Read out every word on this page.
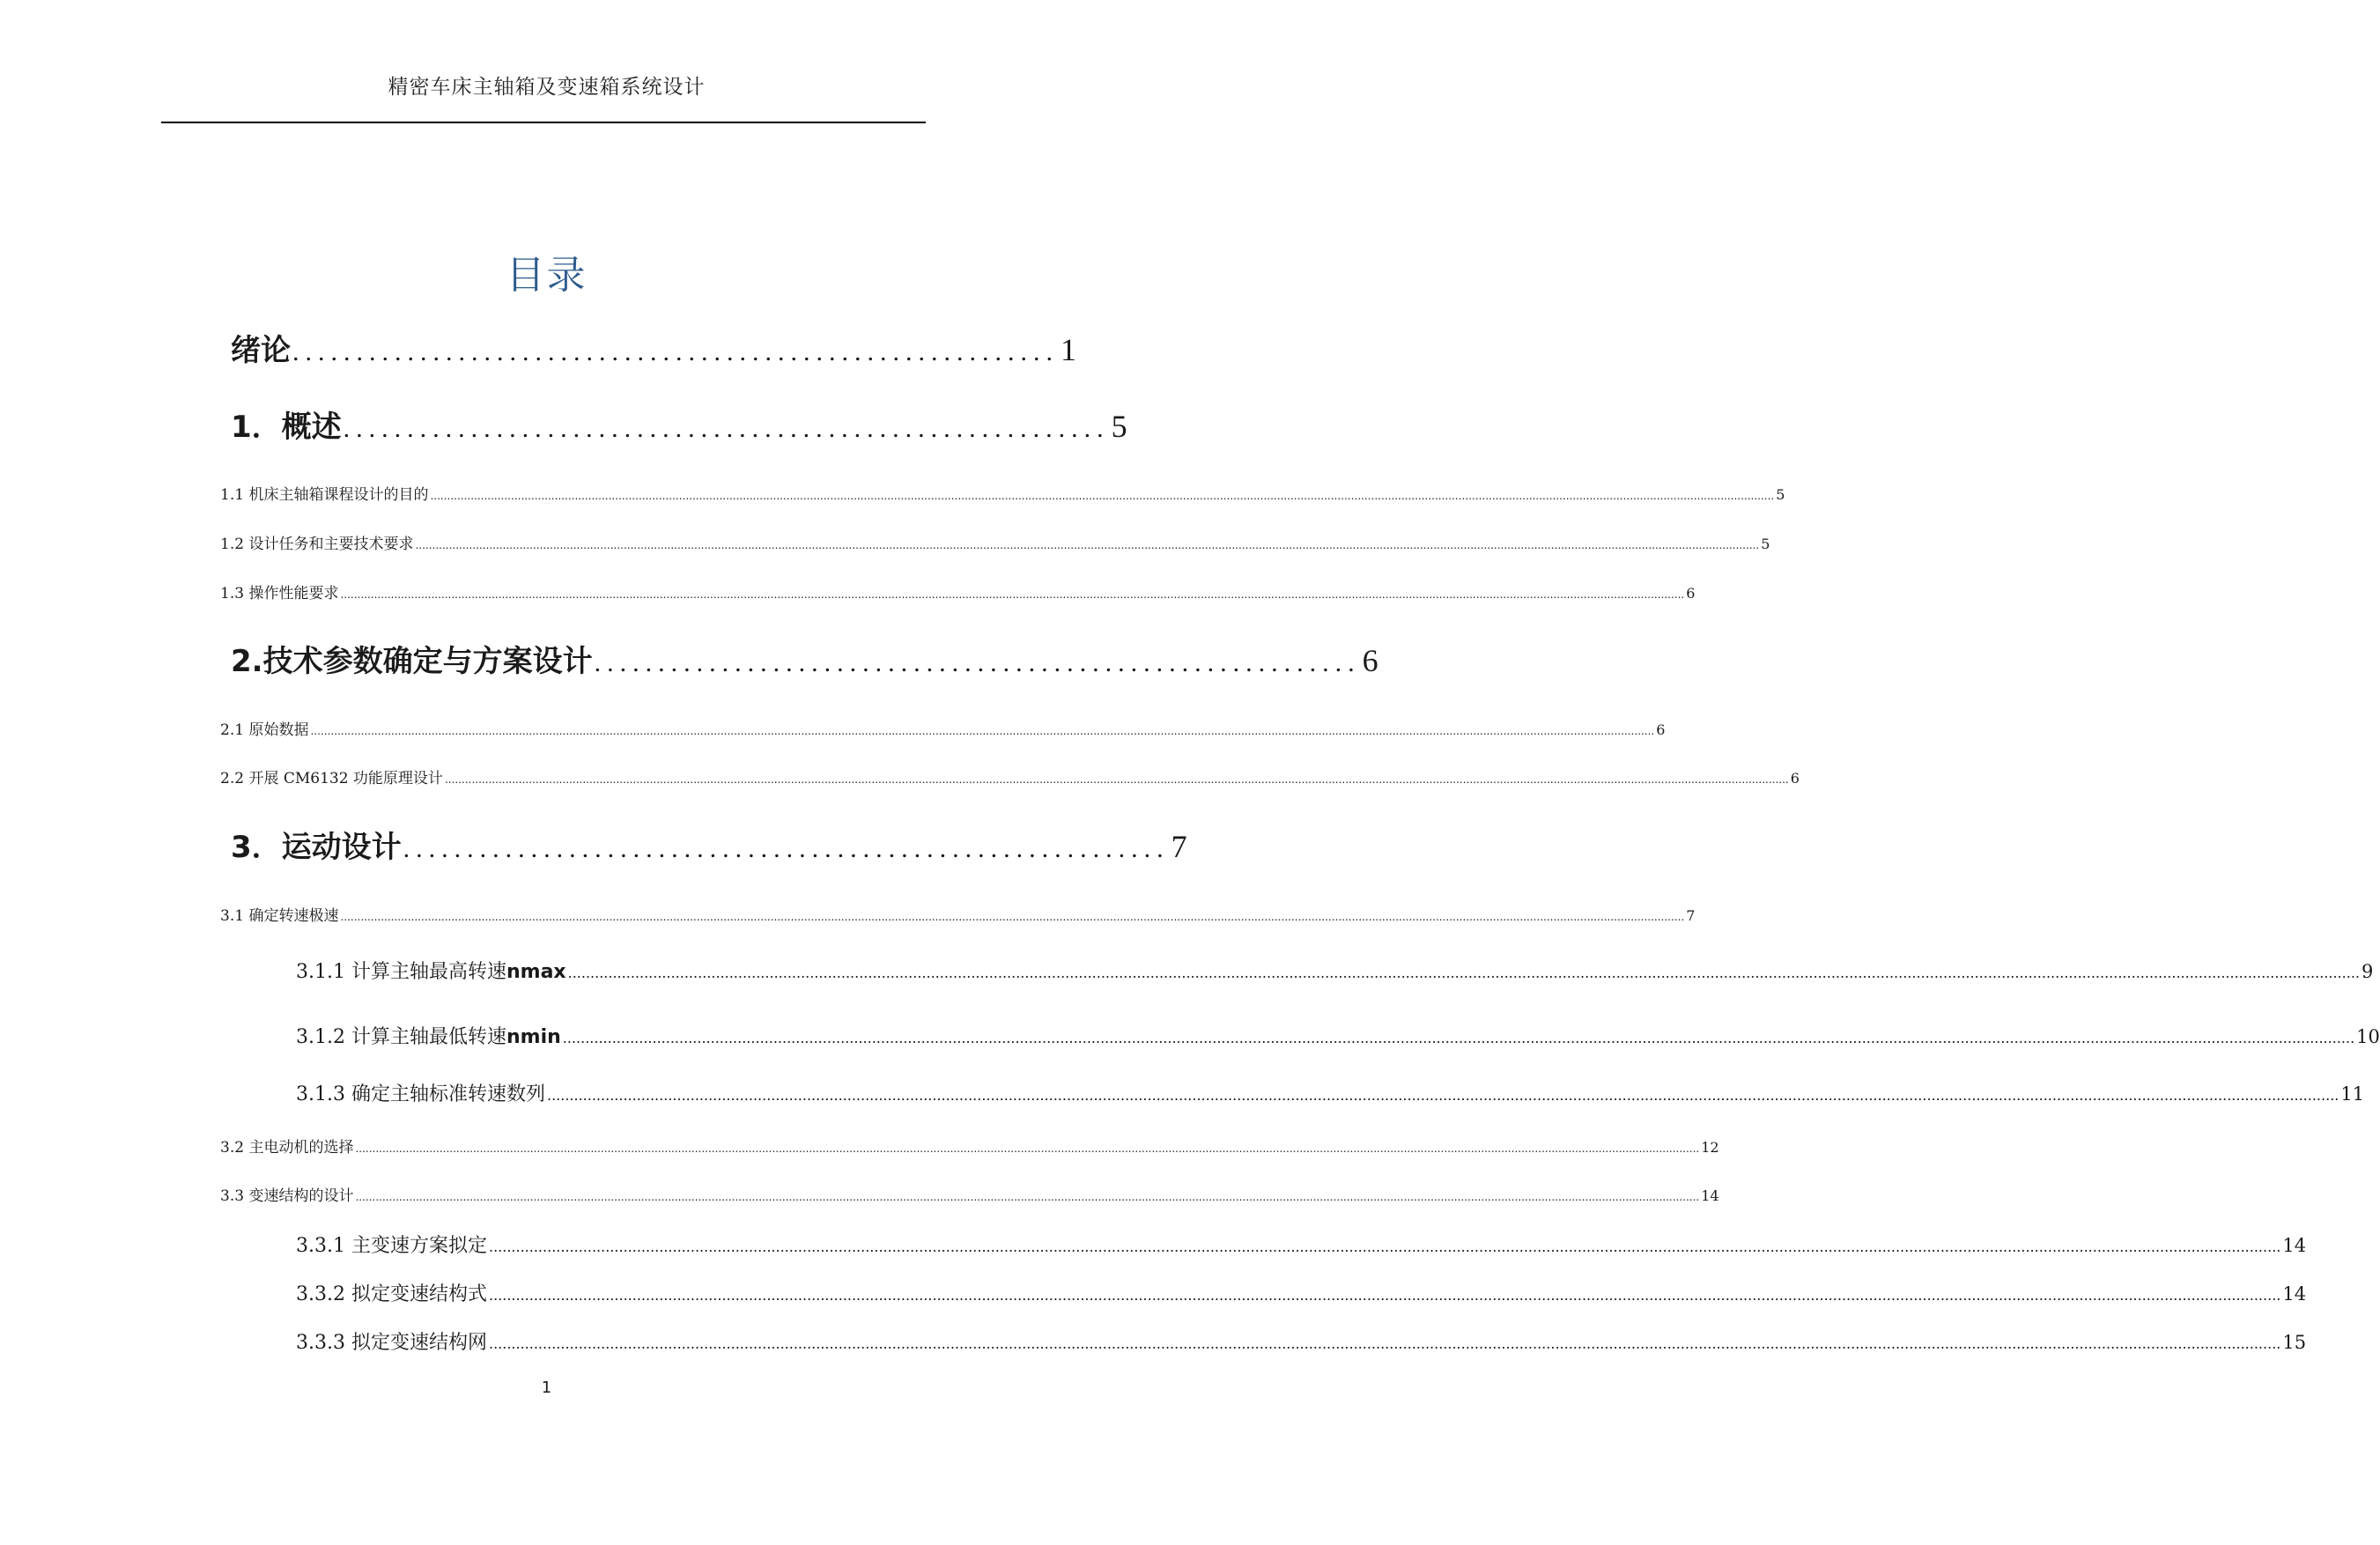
精密车床主轴箱及变速箱系统设计
目录
绪论 ............................................................ 1
1．概述 ............................................................ 5
1.1 机床主轴箱课程设计的目的 ................................................................................................................................................................................................................................................................................................................................................................................................................ 5
1.2 设计任务和主要技术要求 ................................................................................................................................................................................................................................................................................................................................................................................................................ 5
1.3 操作性能要求 ................................................................................................................................................................................................................................................................................................................................................................................................................ 6
2.技术参数确定与方案设计 ............................................................ 6
2.1 原始数据 ................................................................................................................................................................................................................................................................................................................................................................................................................ 6
2.2 开展 CM6132 功能原理设计 ................................................................................................................................................................................................................................................................................................................................................................................................................ 6
3．运动设计 ............................................................ 7
3.1 确定转速极速 ................................................................................................................................................................................................................................................................................................................................................................................................................ 7
3.1.1 计算主轴最高转速nmax ................................................................................................................................................................................................................................................................................................................................................................................................................ 9
3.1.2 计算主轴最低转速nmin ................................................................................................................................................................................................................................................................................................................................................................................................................ 10
3.1.3 确定主轴标准转速数列 ................................................................................................................................................................................................................................................................................................................................................................................................................ 11
3.2 主电动机的选择 ................................................................................................................................................................................................................................................................................................................................................................................................................ 12
3.3 变速结构的设计 ................................................................................................................................................................................................................................................................................................................................................................................................................ 14
3.3.1 主变速方案拟定 ................................................................................................................................................................................................................................................................................................................................................................................................................ 14
3.3.2 拟定变速结构式 ................................................................................................................................................................................................................................................................................................................................................................................................................ 14
3.3.3 拟定变速结构网 ................................................................................................................................................................................................................................................................................................................................................................................................................ 15
1
